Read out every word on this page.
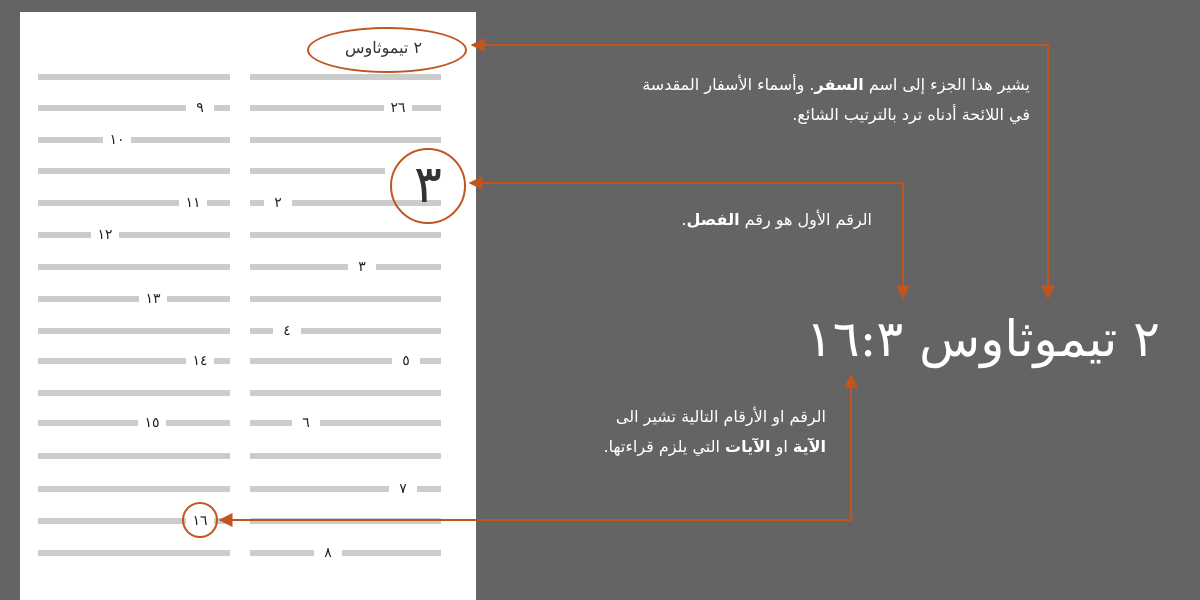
٩	٢٦
١٠
١١	٢
١٢
٣
١٣
٤
١٤	٥
١٥	٦
٧
١٦
٨
٢ تيموثاوس
٣
يشير هذا الجزء إلى اسم السفر. وأسماء الأسفار المقدسة
في اللائحة أدناه ترد بالترتيب الشائع.
الرقم الأول هو رقم الفصل.
الرقم او الأرقام التالية تشير الى
الآية او الآيات التي يلزم قراءتها.
٢ تيموثاوس ١٦:٣
